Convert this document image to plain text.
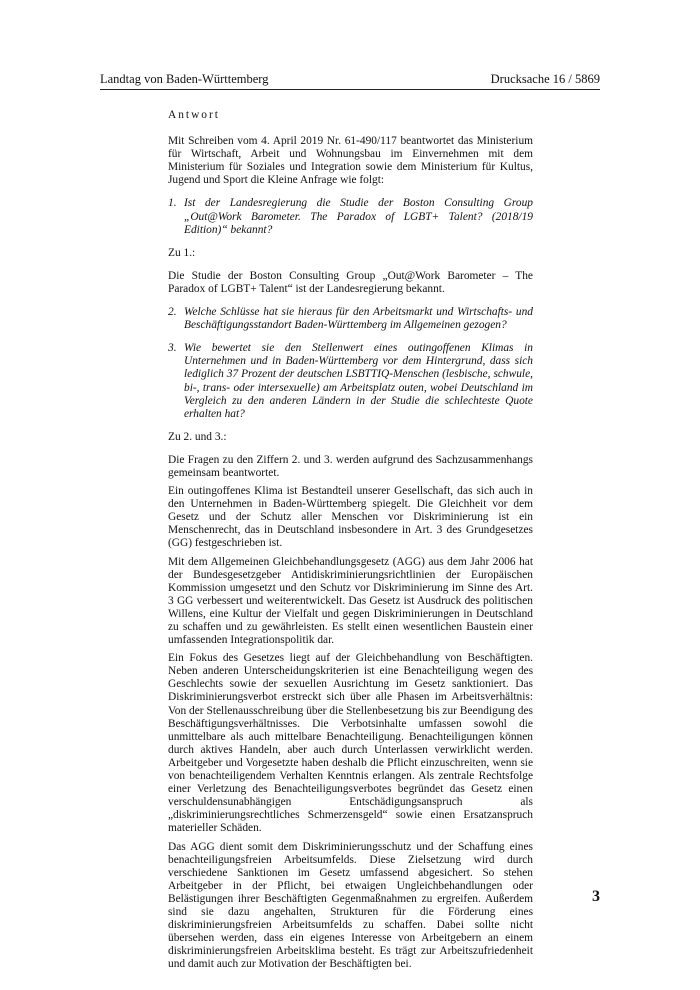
Landtag von Baden-Württemberg	Drucksache 16 / 5869
Antwort

Mit Schreiben vom 4. April 2019 Nr. 61-490/117 beantwortet das Ministerium für Wirtschaft, Arbeit und Wohnungsbau im Einvernehmen mit dem Ministerium für Soziales und Integration sowie dem Ministerium für Kultus, Jugend und Sport die Kleine Anfrage wie folgt:

1. Ist der Landesregierung die Studie der Boston Consulting Group „Out@Work Barometer. The Paradox of LGBT+ Talent? (2018/19 Edition)“ bekannt?

Zu 1.:

Die Studie der Boston Consulting Group „Out@Work Barometer – The Paradox of LGBT+ Talent“ ist der Landesregierung bekannt.

2. Welche Schlüsse hat sie hieraus für den Arbeitsmarkt und Wirtschafts- und Beschäftigungsstandort Baden-Württemberg im Allgemeinen gezogen?
3. Wie bewertet sie den Stellenwert eines outingoffenen Klimas in Unternehmen und in Baden-Württemberg vor dem Hintergrund, dass sich lediglich 37 Prozent der deutschen LSBTTIQ-Menschen (lesbische, schwule, bi-, trans- oder intersexuelle) am Arbeitsplatz outen, wobei Deutschland im Vergleich zu den anderen Ländern in der Studie die schlechteste Quote erhalten hat?

Zu 2. und 3.:

Die Fragen zu den Ziffern 2. und 3. werden aufgrund des Sachzusammenhangs gemeinsam beantwortet.

Ein outingoffenes Klima ist Bestandteil unserer Gesellschaft, das sich auch in den Unternehmen in Baden-Württemberg spiegelt. Die Gleichheit vor dem Gesetz und der Schutz aller Menschen vor Diskriminierung ist ein Menschenrecht, das in Deutschland insbesondere in Art. 3 des Grundgesetzes (GG) festgeschrieben ist.

Mit dem Allgemeinen Gleichbehandlungsgesetz (AGG) aus dem Jahr 2006 hat der Bundesgesetzgeber Antidiskriminierungsrichtlinien der Europäischen Kommission umgesetzt und den Schutz vor Diskriminierung im Sinne des Art. 3 GG verbessert und weiterentwickelt. Das Gesetz ist Ausdruck des politischen Willens, eine Kultur der Vielfalt und gegen Diskriminierungen in Deutschland zu schaffen und zu gewährleisten. Es stellt einen wesentlichen Baustein einer umfassenden Integrationspolitik dar.

Ein Fokus des Gesetzes liegt auf der Gleichbehandlung von Beschäftigten. Neben anderen Unterscheidungskriterien ist eine Benachteiligung wegen des Geschlechts sowie der sexuellen Ausrichtung im Gesetz sanktioniert. Das Diskriminierungsverbot erstreckt sich über alle Phasen im Arbeitsverhältnis: Von der Stellenausschreibung über die Stellenbesetzung bis zur Beendigung des Beschäftigungsverhältnisses. Die Verbotsinhalte umfassen sowohl die unmittelbare als auch mittelbare Benachteiligung. Benachteiligungen können durch aktives Handeln, aber auch durch Unterlassen verwirklicht werden. Arbeitgeber und Vorgesetzte haben deshalb die Pflicht einzuschreiten, wenn sie von benachteiligendem Verhalten Kenntnis erlangen. Als zentrale Rechtsfolge einer Verletzung des Benachteiligungsverbotes begründet das Gesetz einen verschuldensunabhängigen Entschädigungsanspruch als „diskriminierungsrechtliches Schmerzensgeld“ sowie einen Ersatzanspruch materieller Schäden.

Das AGG dient somit dem Diskriminierungsschutz und der Schaffung eines benachteiligungsfreien Arbeitsumfelds. Diese Zielsetzung wird durch verschiedene Sanktionen im Gesetz umfassend abgesichert. So stehen Arbeitgeber in der Pflicht, bei etwaigen Ungleichbehandlungen oder Belästigungen ihrer Beschäftigten Gegenmaßnahmen zu ergreifen. Außerdem sind sie dazu angehalten, Strukturen für die Förderung eines diskriminierungsfreien Arbeitsumfelds zu schaffen. Dabei sollte nicht übersehen werden, dass ein eigenes Interesse von Arbeitgebern an einem diskriminierungsfreien Arbeitsklima besteht. Es trägt zur Arbeitszufriedenheit und damit auch zur Motivation der Beschäftigten bei.

3
